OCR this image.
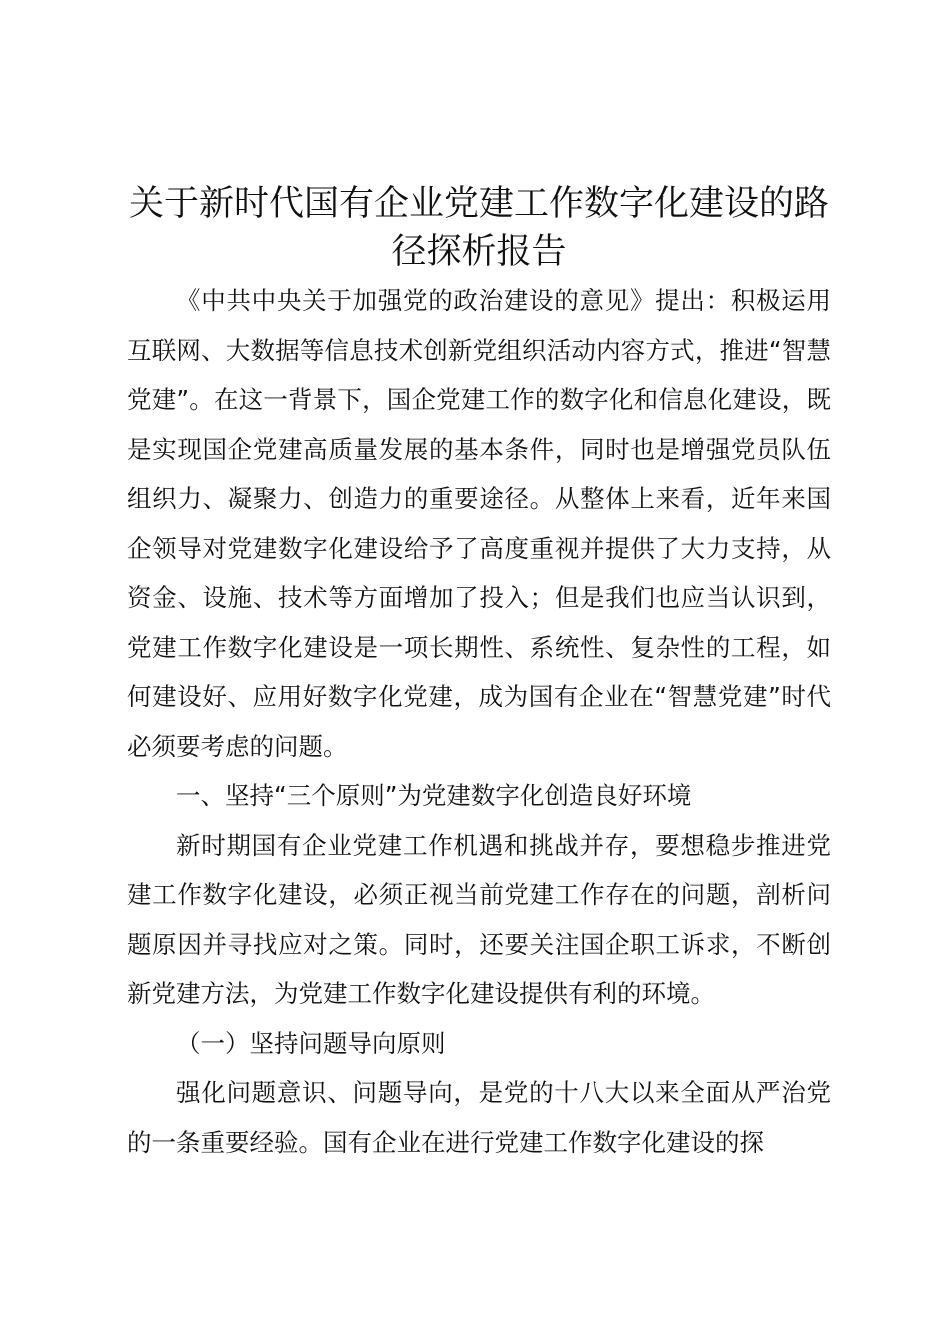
关于新时代国有企业党建工作数字化建设的路径探析报告

《中共中央关于加强党的政治建设的意见》提出：积极运用互联网、大数据等信息技术创新党组织活动内容方式，推进“智慧党建”。在这一背景下，国企党建工作的数字化和信息化建设，既是实现国企党建高质量发展的基本条件，同时也是增强党员队伍组织力、凝聚力、创造力的重要途径。从整体上来看，近年来国企领导对党建数字化建设给予了高度重视并提供了大力支持，从资金、设施、技术等方面增加了投入；但是我们也应当认识到，党建工作数字化建设是一项长期性、系统性、复杂性的工程，如何建设好、应用好数字化党建，成为国有企业在“智慧党建”时代必须要考虑的问题。

一、坚持“三个原则”为党建数字化创造良好环境

新时期国有企业党建工作机遇和挑战并存，要想稳步推进党建工作数字化建设，必须正视当前党建工作存在的问题，剖析问题原因并寻找应对之策。同时，还要关注国企职工诉求，不断创新党建方法，为党建工作数字化建设提供有利的环境。

（一）坚持问题导向原则

强化问题意识、问题导向，是党的十八大以来全面从严治党的一条重要经验。国有企业在进行党建工作数字化建设的探
